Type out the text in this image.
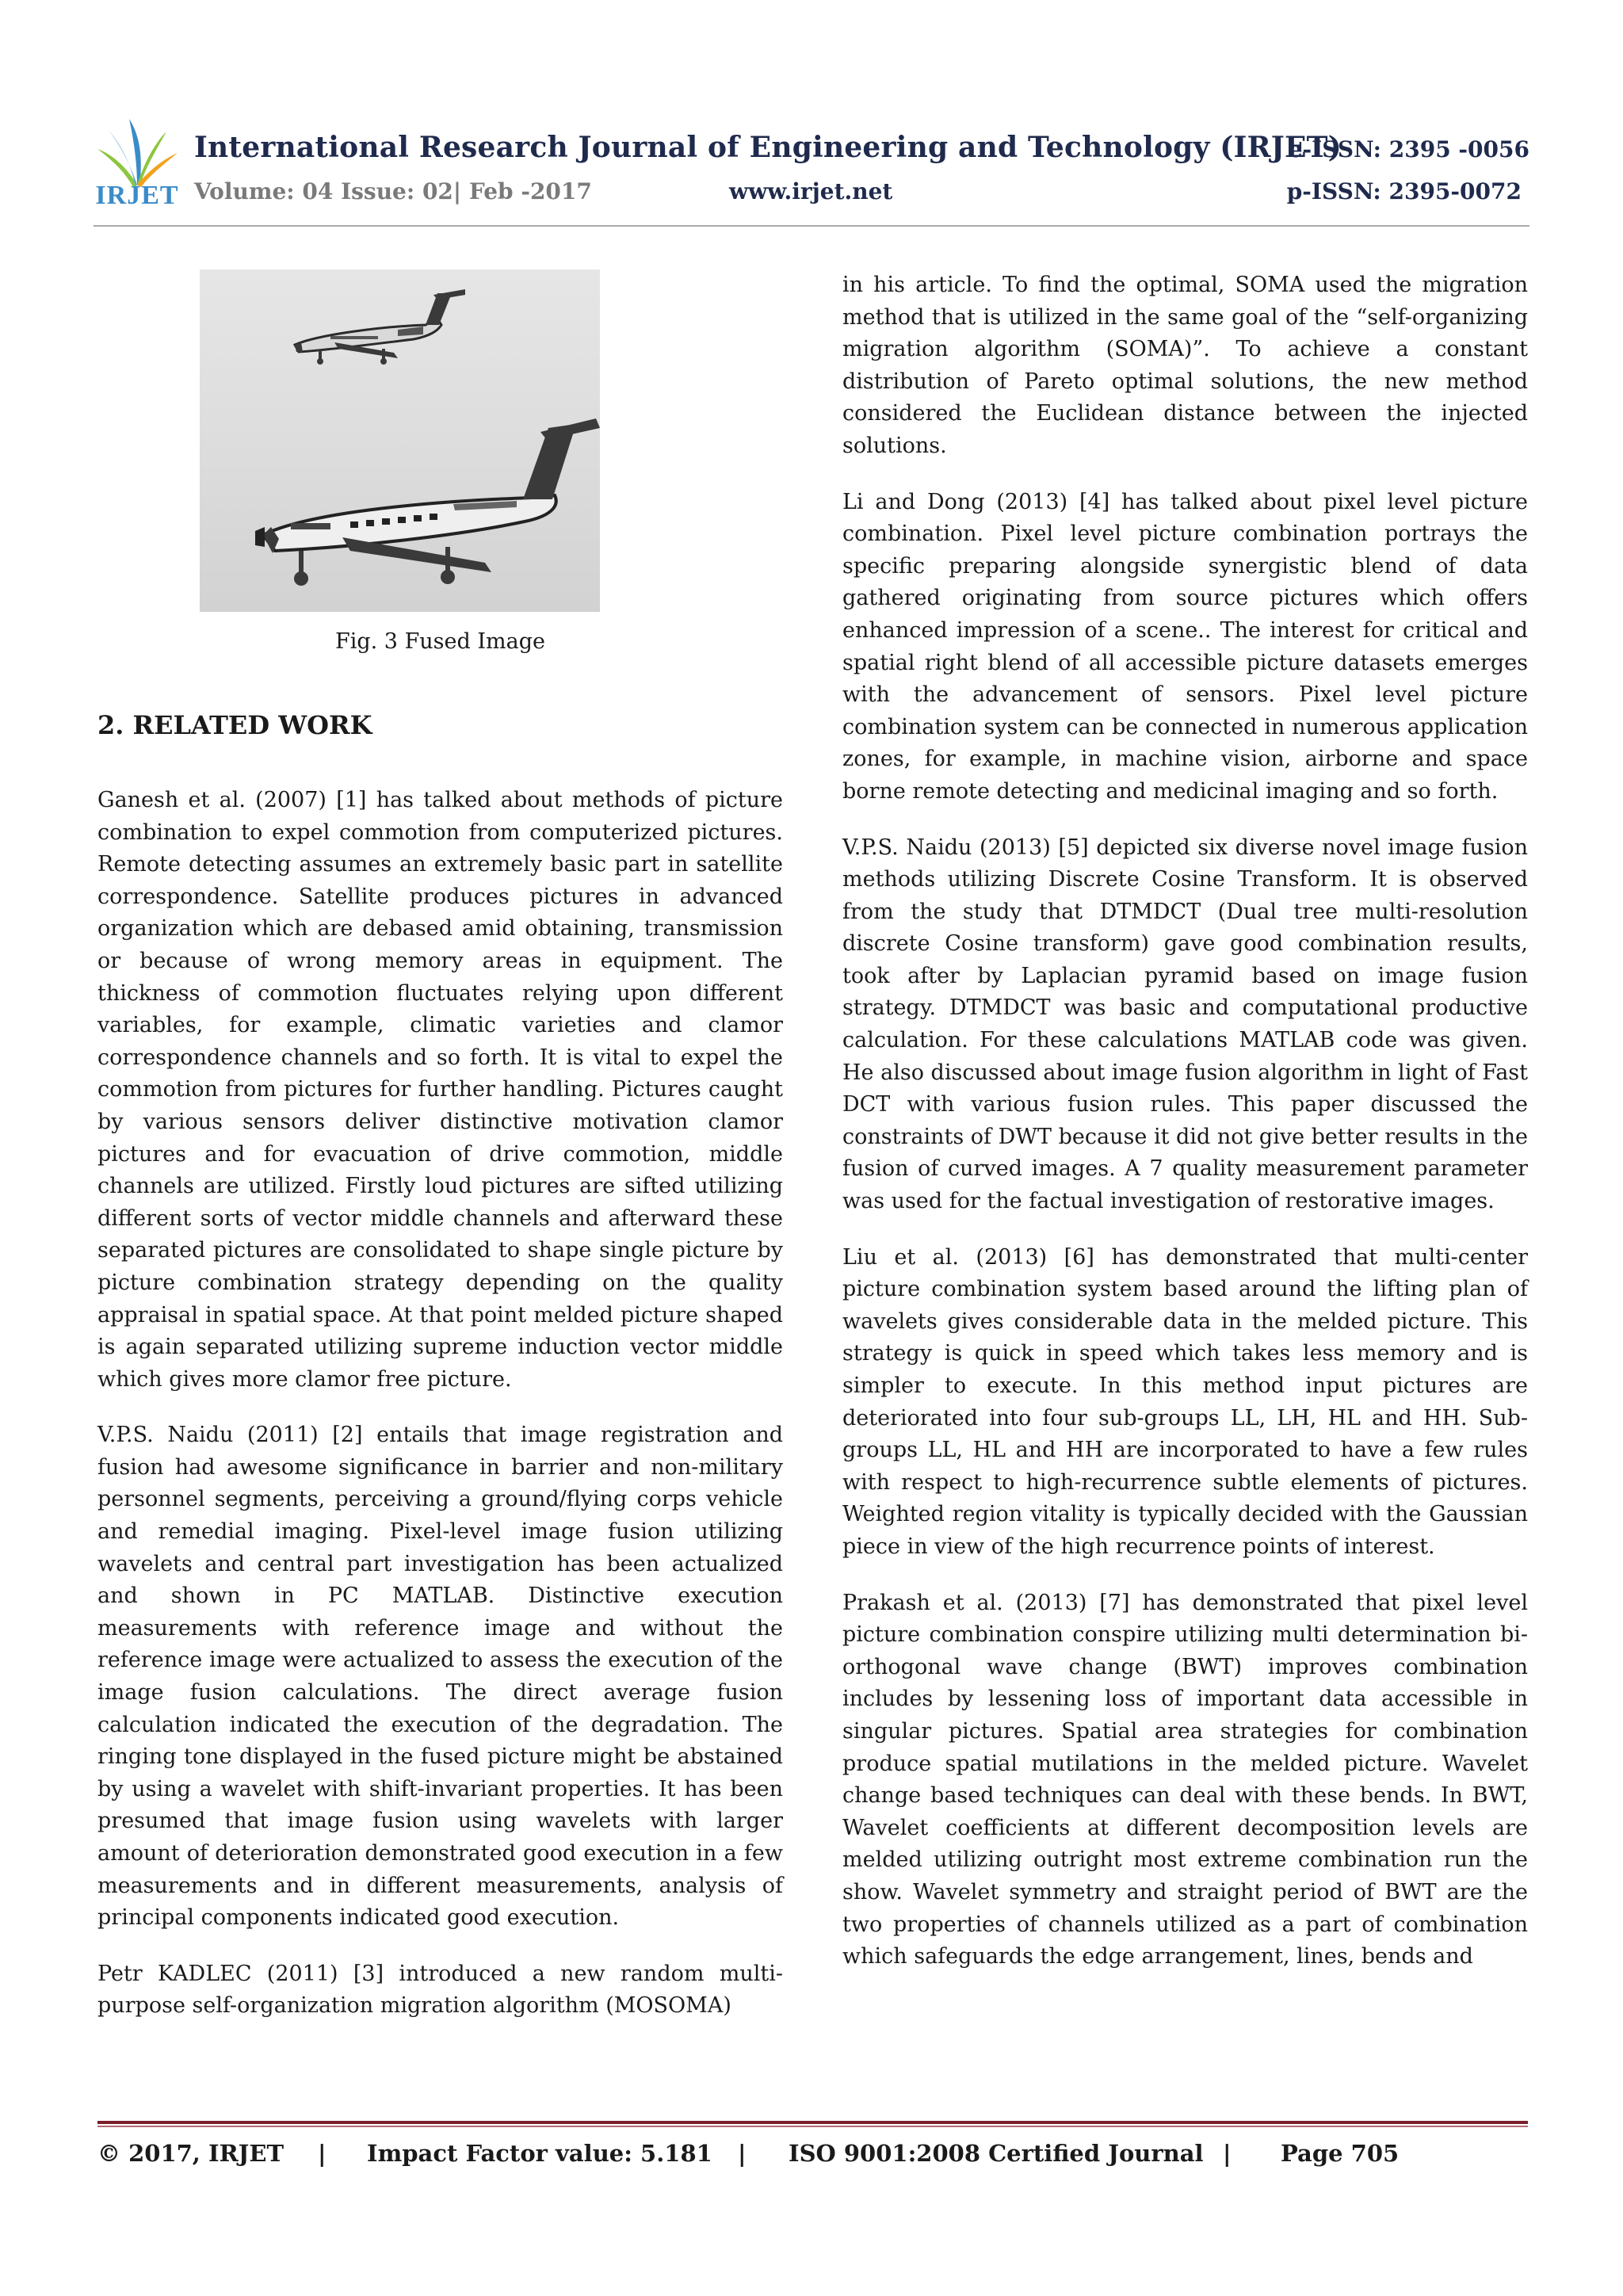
IRJET
International Research Journal of Engineering and Technology (IRJET)
e-ISSN: 2395 -0056
Volume: 04 Issue: 02| Feb -2017	www.irjet.net	p-ISSN: 2395-0072
Fig. 3 Fused Image
2. RELATED WORK

Ganesh et al. (2007) [1] has talked about methods of picture combination to expel commotion from computerized pictures. Remote detecting assumes an extremely basic part in satellite correspondence. Satellite produces pictures in advanced organization which are debased amid obtaining, transmission or because of wrong memory areas in equipment. The thickness of commotion fluctuates relying upon different variables, for example, climatic varieties and clamor correspondence channels and so forth. It is vital to expel the commotion from pictures for further handling. Pictures caught by various sensors deliver distinctive motivation clamor pictures and for evacuation of drive commotion, middle channels are utilized. Firstly loud pictures are sifted utilizing different sorts of vector middle channels and afterward these separated pictures are consolidated to shape single picture by picture combination strategy depending on the quality appraisal in spatial space. At that point melded picture shaped is again separated utilizing supreme induction vector middle which gives more clamor free picture.

V.P.S. Naidu (2011) [2] entails that image registration and fusion had awesome significance in barrier and non-military personnel segments, perceiving a ground/flying corps vehicle and remedial imaging. Pixel-level image fusion utilizing wavelets and central part investigation has been actualized and shown in PC MATLAB. Distinctive execution measurements with reference image and without the reference image were actualized to assess the execution of the image fusion calculations. The direct average fusion calculation indicated the execution of the degradation. The ringing tone displayed in the fused picture might be abstained by using a wavelet with shift-invariant properties. It has been presumed that image fusion using wavelets with larger amount of deterioration demonstrated good execution in a few measurements and in different measurements, analysis of principal components indicated good execution.

Petr KADLEC (2011) [3] introduced a new random multi-purpose self-organization migration algorithm (MOSOMA)

in his article. To find the optimal, SOMA used the migration method that is utilized in the same goal of the “self-organizing migration algorithm (SOMA)”. To achieve a constant distribution of Pareto optimal solutions, the new method considered the Euclidean distance between the injected solutions.

Li and Dong (2013) [4] has talked about pixel level picture combination. Pixel level picture combination portrays the specific preparing alongside synergistic blend of data gathered originating from source pictures which offers enhanced impression of a scene.. The interest for critical and spatial right blend of all accessible picture datasets emerges with the advancement of sensors. Pixel level picture combination system can be connected in numerous application zones, for example, in machine vision, airborne and space borne remote detecting and medicinal imaging and so forth.

V.P.S. Naidu (2013) [5] depicted six diverse novel image fusion methods utilizing Discrete Cosine Transform. It is observed from the study that DTMDCT (Dual tree multi-resolution discrete Cosine transform) gave good combination results, took after by Laplacian pyramid based on image fusion strategy. DTMDCT was basic and computational productive calculation. For these calculations MATLAB code was given. He also discussed about image fusion algorithm in light of Fast DCT with various fusion rules. This paper discussed the constraints of DWT because it did not give better results in the fusion of curved images. A 7 quality measurement parameter was used for the factual investigation of restorative images.

Liu et al. (2013) [6] has demonstrated that multi-center picture combination system based around the lifting plan of wavelets gives considerable data in the melded picture. This strategy is quick in speed which takes less memory and is simpler to execute. In this method input pictures are deteriorated into four sub-groups LL, LH, HL and HH. Sub-groups LL, HL and HH are incorporated to have a few rules with respect to high-recurrence subtle elements of pictures. Weighted region vitality is typically decided with the Gaussian piece in view of the high recurrence points of interest.

Prakash et al. (2013) [7] has demonstrated that pixel level picture combination conspire utilizing multi determination bi-orthogonal wave change (BWT) improves combination includes by lessening loss of important data accessible in singular pictures. Spatial area strategies for combination produce spatial mutilations in the melded picture. Wavelet change based techniques can deal with these bends. In BWT, Wavelet coefficients at different decomposition levels are melded utilizing outright most extreme combination run the show. Wavelet symmetry and straight period of BWT are the two properties of channels utilized as a part of combination which safeguards the edge arrangement, lines, bends and

© 2017, IRJET | Impact Factor value: 5.181 | ISO 9001:2008 Certified Journal | Page 705
